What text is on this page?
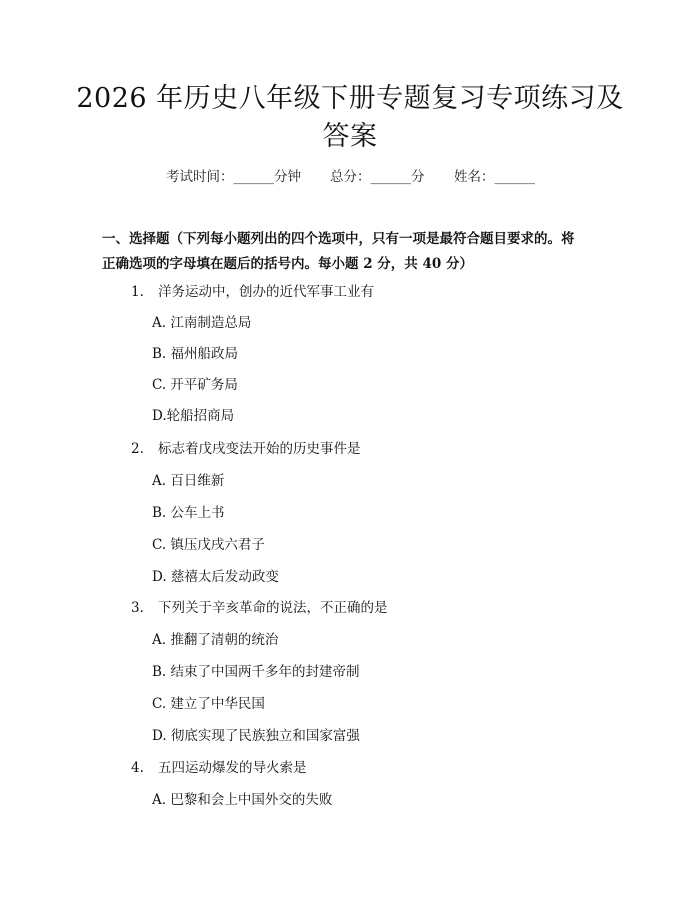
2026 年历史八年级下册专题复习专项练习及
答案
考试时间：______分钟 总分：______分 姓名：______
一、选择题（下列每小题列出的四个选项中，只有一项是最符合题目要求的。将
正确选项的字母填在题后的括号内。每小题 2 分，共 40 分）
1. 洋务运动中，创办的近代军事工业有
A. 江南制造总局
B. 福州船政局
C. 开平矿务局
D.轮船招商局
2. 标志着戊戌变法开始的历史事件是
A. 百日维新
B. 公车上书
C. 镇压戊戌六君子
D. 慈禧太后发动政变
3. 下列关于辛亥革命的说法，不正确的是
A. 推翻了清朝的统治
B. 结束了中国两千多年的封建帝制
C. 建立了中华民国
D. 彻底实现了民族独立和国家富强
4. 五四运动爆发的导火索是
A. 巴黎和会上中国外交的失败
